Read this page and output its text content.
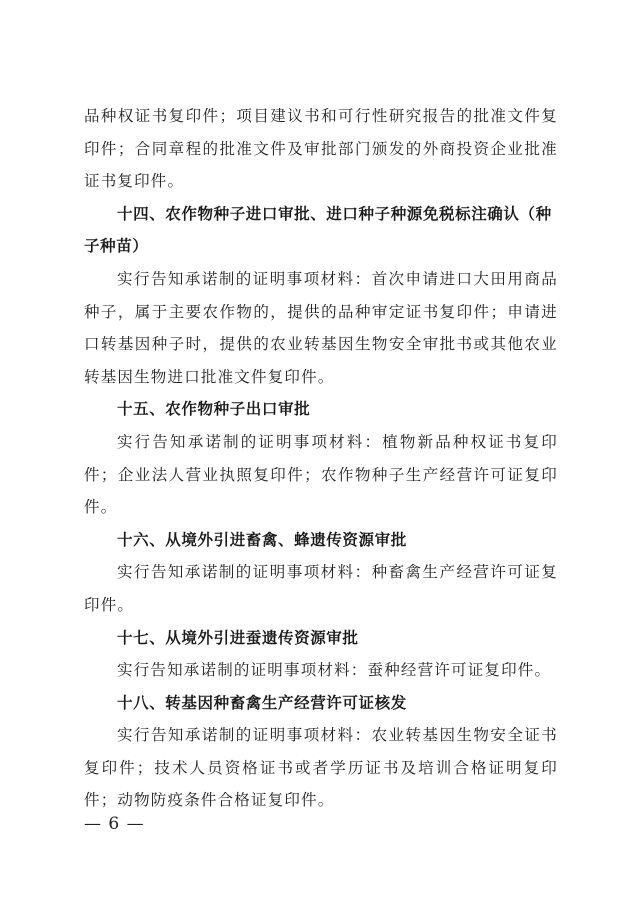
品种权证书复印件；项目建议书和可行性研究报告的批准文件复印件；合同章程的批准文件及审批部门颁发的外商投资企业批准证书复印件。

十四、农作物种子进口审批、进口种子种源免税标注确认（种子种苗）

实行告知承诺制的证明事项材料：首次申请进口大田用商品种子，属于主要农作物的，提供的品种审定证书复印件；申请进口转基因种子时，提供的农业转基因生物安全审批书或其他农业转基因生物进口批准文件复印件。

十五、农作物种子出口审批

实行告知承诺制的证明事项材料：植物新品种权证书复印件；企业法人营业执照复印件；农作物种子生产经营许可证复印件。

十六、从境外引进畜禽、蜂遗传资源审批

实行告知承诺制的证明事项材料：种畜禽生产经营许可证复印件。

十七、从境外引进蚕遗传资源审批

实行告知承诺制的证明事项材料：蚕种经营许可证复印件。

十八、转基因种畜禽生产经营许可证核发

实行告知承诺制的证明事项材料：农业转基因生物安全证书复印件；技术人员资格证书或者学历证书及培训合格证明复印件；动物防疫条件合格证复印件。

— 6 —
